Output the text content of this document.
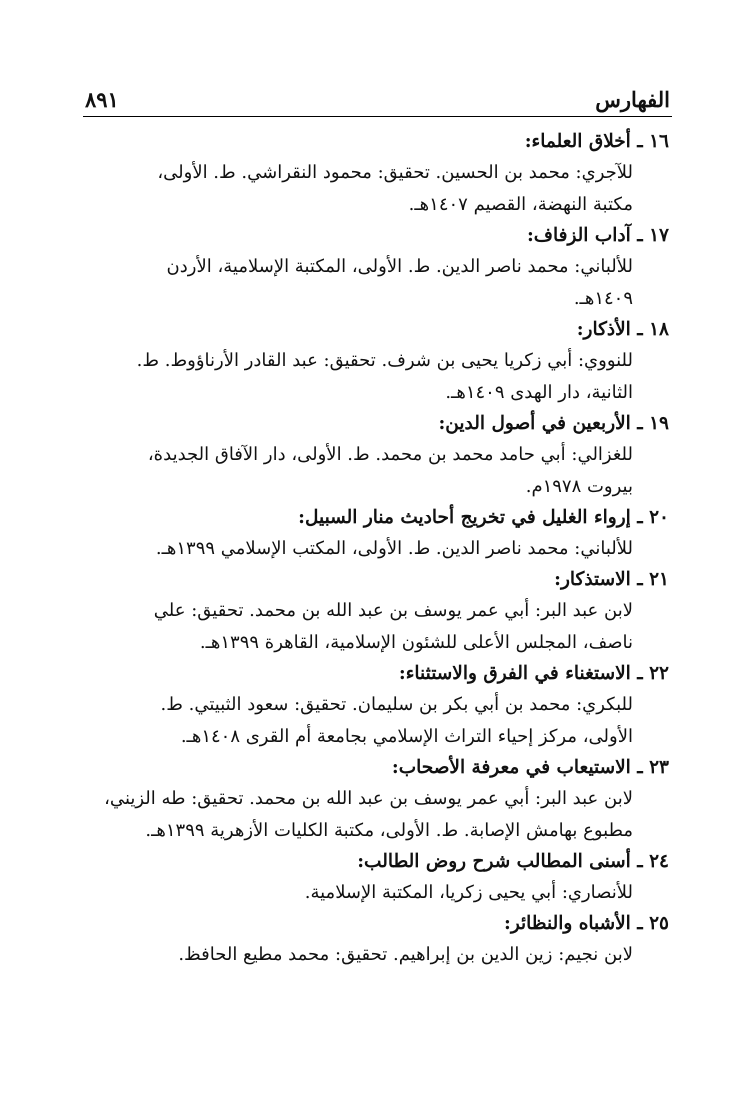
الفهارس
٨٩١
١٦ ـ أخلاق العلماء:
للآجري: محمد بن الحسين. تحقيق: محمود النقراشي. ط. الأولى،
مكتبة النهضة، القصيم ١٤٠٧هـ.
١٧ ـ آداب الزفاف:
للألباني: محمد ناصر الدين. ط. الأولى، المكتبة الإسلامية، الأردن
١٤٠٩هـ.
١٨ ـ الأذكار:
للنووي: أبي زكريا يحيى بن شرف. تحقيق: عبد القادر الأرناؤوط. ط.
الثانية، دار الهدى ١٤٠٩هـ.
١٩ ـ الأربعين في أصول الدين:
للغزالي: أبي حامد محمد بن محمد. ط. الأولى، دار الآفاق الجديدة،
بيروت ١٩٧٨م.
٢٠ ـ إرواء الغليل في تخريج أحاديث منار السبيل:
للألباني: محمد ناصر الدين. ط. الأولى، المكتب الإسلامي ١٣٩٩هـ.
٢١ ـ الاستذكار:
لابن عبد البر: أبي عمر يوسف بن عبد الله بن محمد. تحقيق: علي
ناصف، المجلس الأعلى للشئون الإسلامية، القاهرة ١٣٩٩هـ.
٢٢ ـ الاستغناء في الفرق والاستثناء:
للبكري: محمد بن أبي بكر بن سليمان. تحقيق: سعود الثبيتي. ط.
الأولى، مركز إحياء التراث الإسلامي بجامعة أم القرى ١٤٠٨هـ.
٢٣ ـ الاستيعاب في معرفة الأصحاب:
لابن عبد البر: أبي عمر يوسف بن عبد الله بن محمد. تحقيق: طه الزيني،
مطبوع بهامش الإصابة. ط. الأولى، مكتبة الكليات الأزهرية ١٣٩٩هـ.
٢٤ ـ أسنى المطالب شرح روض الطالب:
للأنصاري: أبي يحيى زكريا، المكتبة الإسلامية.
٢٥ ـ الأشباه والنظائر:
لابن نجيم: زين الدين بن إبراهيم. تحقيق: محمد مطيع الحافظ.
